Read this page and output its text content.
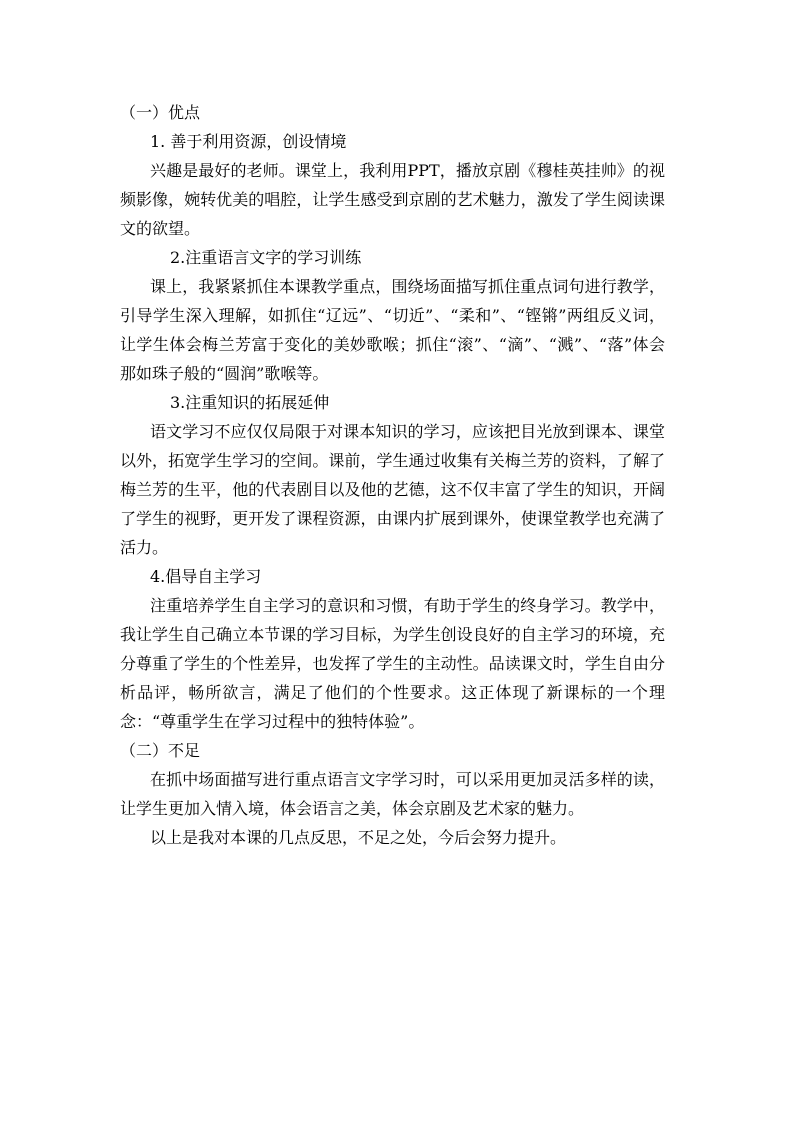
（一）优点
1. 善于利用资源，创设情境

兴趣是最好的老师。课堂上，我利用PPT，播放京剧《穆桂英挂帅》的视频影像，婉转优美的唱腔，让学生感受到京剧的艺术魅力，激发了学生阅读课文的欲望。

2.注重语言文字的学习训练

课上，我紧紧抓住本课教学重点，围绕场面描写抓住重点词句进行教学，引导学生深入理解，如抓住“辽远”、“切近”、“柔和”、“铿锵”两组反义词，让学生体会梅兰芳富于变化的美妙歌喉；抓住“滚”、“滴”、“溅”、“落”体会那如珠子般的“圆润”歌喉等。

3.注重知识的拓展延伸

语文学习不应仅仅局限于对课本知识的学习，应该把目光放到课本、课堂以外，拓宽学生学习的空间。课前，学生通过收集有关梅兰芳的资料，了解了梅兰芳的生平，他的代表剧目以及他的艺德，这不仅丰富了学生的知识，开阔了学生的视野，更开发了课程资源，由课内扩展到课外，使课堂教学也充满了活力。

4.倡导自主学习

注重培养学生自主学习的意识和习惯，有助于学生的终身学习。教学中，我让学生自己确立本节课的学习目标，为学生创设良好的自主学习的环境，充分尊重了学生的个性差异，也发挥了学生的主动性。品读课文时，学生自由分析品评，畅所欲言，满足了他们的个性要求。这正体现了新课标的一个理念：“尊重学生在学习过程中的独特体验”。

（二）不足

在抓中场面描写进行重点语言文字学习时，可以采用更加灵活多样的读，让学生更加入情入境，体会语言之美，体会京剧及艺术家的魅力。

以上是我对本课的几点反思，不足之处，今后会努力提升。
